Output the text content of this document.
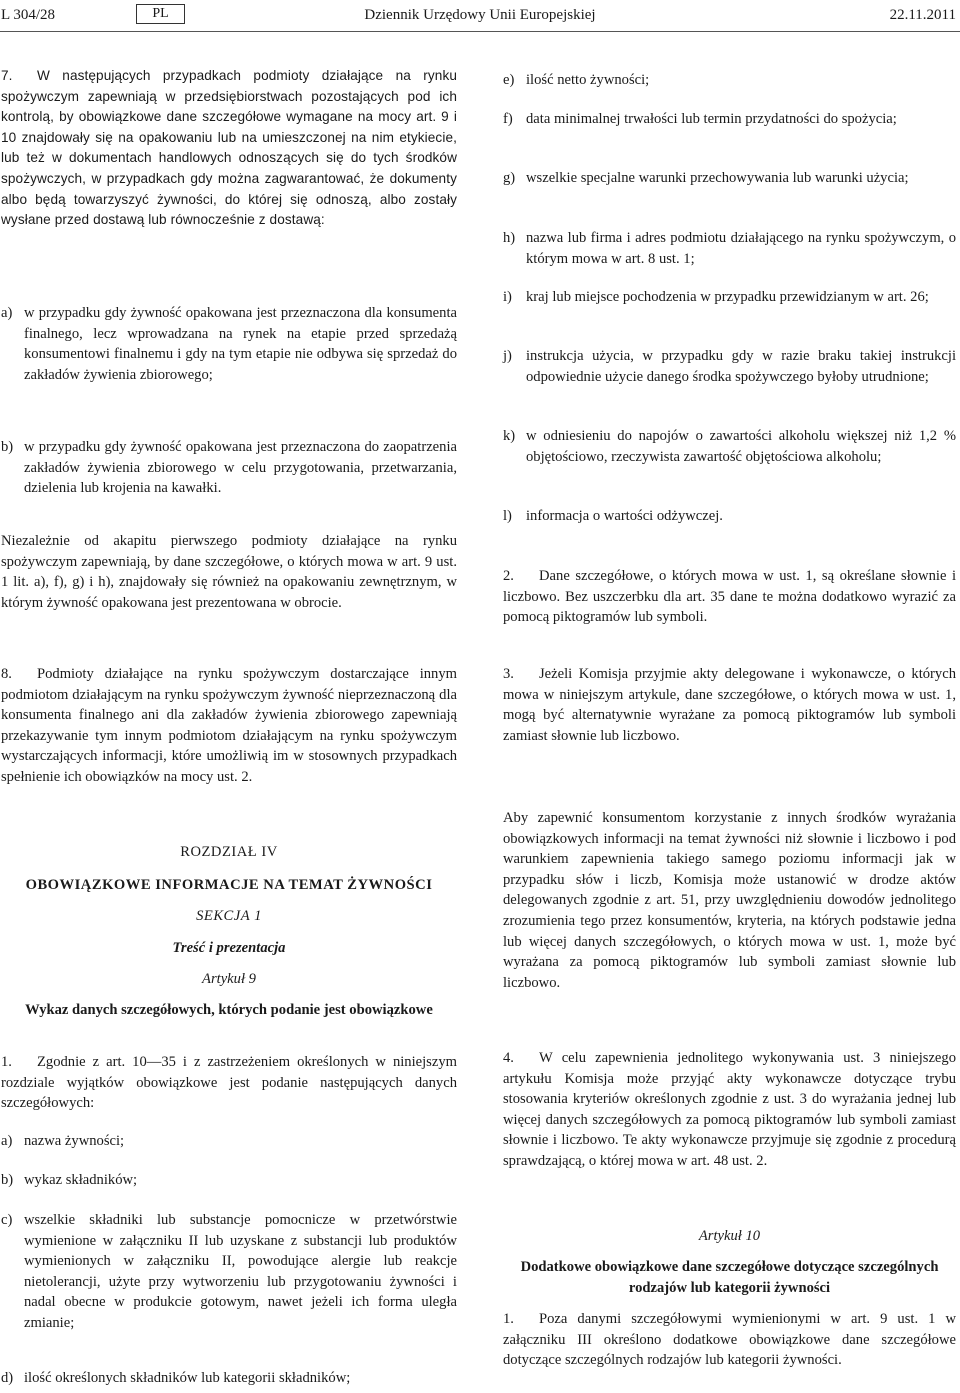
L 304/28	PL	Dziennik Urzędowy Unii Europejskiej	22.11.2011

7. W następujących przypadkach podmioty działające na rynku spożywczym zapewniają w przedsiębiorstwach pozostających pod ich kontrolą, by obowiązkowe dane szczegółowe wymagane na mocy art. 9 i 10 znajdowały się na opakowaniu lub na umieszczonej na nim etykiecie, lub też w dokumentach handlowych odnoszących się do tych środków spożywczych, w przypadkach gdy można zagwarantować, że dokumenty albo będą towarzyszyć żywności, do której się odnoszą, albo zostały wysłane przed dostawą lub równocześnie z dostawą:

a) w przypadku gdy żywność opakowana jest przeznaczona dla konsumenta finalnego, lecz wprowadzana na rynek na etapie przed sprzedażą konsumentowi finalnemu i gdy na tym etapie nie odbywa się sprzedaż do zakładów żywienia zbiorowego;
b) w przypadku gdy żywność opakowana jest przeznaczona do zaopatrzenia zakładów żywienia zbiorowego w celu przygotowania, przetwarzania, dzielenia lub krojenia na kawałki.

Niezależnie od akapitu pierwszego podmioty działające na rynku spożywczym zapewniają, by dane szczegółowe, o których mowa w art. 9 ust. 1 lit. a), f), g) i h), znajdowały się również na opakowaniu zewnętrznym, w którym żywność opakowana jest prezentowana w obrocie.

e) ilość netto żywności;
f) data minimalnej trwałości lub termin przydatności do spożycia;
g) wszelkie specjalne warunki przechowywania lub warunki użycia;
h) nazwa lub firma i adres podmiotu działającego na rynku spożywczym, o którym mowa w art. 8 ust. 1;
i) kraj lub miejsce pochodzenia w przypadku przewidzianym w art. 26;
j) instrukcja użycia, w przypadku gdy w razie braku takiej instrukcji odpowiednie użycie danego środka spożywczego byłoby utrudnione;
k) w odniesieniu do napojów o zawartości alkoholu większej niż 1,2 % objętościowo, rzeczywista zawartość objętościowa alkoholu;
l) informacja o wartości odżywczej.

2. Dane szczegółowe, o których mowa w ust. 1, są określane słownie i liczbowo. Bez uszczerbku dla art. 35 dane te można dodatkowo wyrazić za pomocą piktogramów lub symboli.

8. Podmioty działające na rynku spożywczym dostarczające innym podmiotom działającym na rynku spożywczym żywność nieprzeznaczoną dla konsumenta finalnego ani dla zakładów żywienia zbiorowego zapewniają przekazywanie tym innym podmiotom działającym na rynku spożywczym wystarczających informacji, które umożliwią im w stosownych przypadkach spełnienie ich obowiązków na mocy ust. 2.

ROZDZIAŁ IV
OBOWIĄZKOWE INFORMACJE NA TEMAT ŻYWNOŚCI
SEKCJA 1
Treść i prezentacja
Artykuł 9
Wykaz danych szczegółowych, których podanie jest obowiązkowe

1. Zgodnie z art. 10—35 i z zastrzeżeniem określonych w niniejszym rozdziale wyjątków obowiązkowe jest podanie następujących danych szczegółowych:

a) nazwa żywności;
b) wykaz składników;
c) wszelkie składniki lub substancje pomocnicze w przetwórstwie wymienione w załączniku II lub uzyskane z substancji lub produktów wymienionych w załączniku II, powodujące alergie lub reakcje nietolerancji, użyte przy wytworzeniu lub przygotowaniu żywności i nadal obecne w produkcie gotowym, nawet jeżeli ich forma uległa zmianie;
d) ilość określonych składników lub kategorii składników;

3. Jeżeli Komisja przyjmie akty delegowane i wykonawcze, o których mowa w niniejszym artykule, dane szczegółowe, o których mowa w ust. 1, mogą być alternatywnie wyrażane za pomocą piktogramów lub symboli zamiast słownie lub liczbowo.

Aby zapewnić konsumentom korzystanie z innych środków wyrażania obowiązkowych informacji na temat żywności niż słownie i liczbowo i pod warunkiem zapewnienia takiego samego poziomu informacji jak w przypadku słów i liczb, Komisja może ustanowić w drodze aktów delegowanych zgodnie z art. 51, przy uwzględnieniu dowodów jednolitego zrozumienia tego przez konsumentów, kryteria, na których podstawie jedna lub więcej danych szczegółowych, o których mowa w ust. 1, może być wyrażana za pomocą piktogramów lub symboli zamiast słownie lub liczbowo.

4. W celu zapewnienia jednolitego wykonywania ust. 3 niniejszego artykułu Komisja może przyjąć akty wykonawcze dotyczące trybu stosowania kryteriów określonych zgodnie z ust. 3 do wyrażania jednej lub więcej danych szczegółowych za pomocą piktogramów lub symboli zamiast słownie i liczbowo. Te akty wykonawcze przyjmuje się zgodnie z procedurą sprawdzającą, o której mowa w art. 48 ust. 2.

Artykuł 10
Dodatkowe obowiązkowe dane szczegółowe dotyczące szczególnych rodzajów lub kategorii żywności

1. Poza danymi szczegółowymi wymienionymi w art. 9 ust. 1 w załączniku III określono dodatkowe obowiązkowe dane szczegółowe dotyczące szczególnych rodzajów lub kategorii żywności.
